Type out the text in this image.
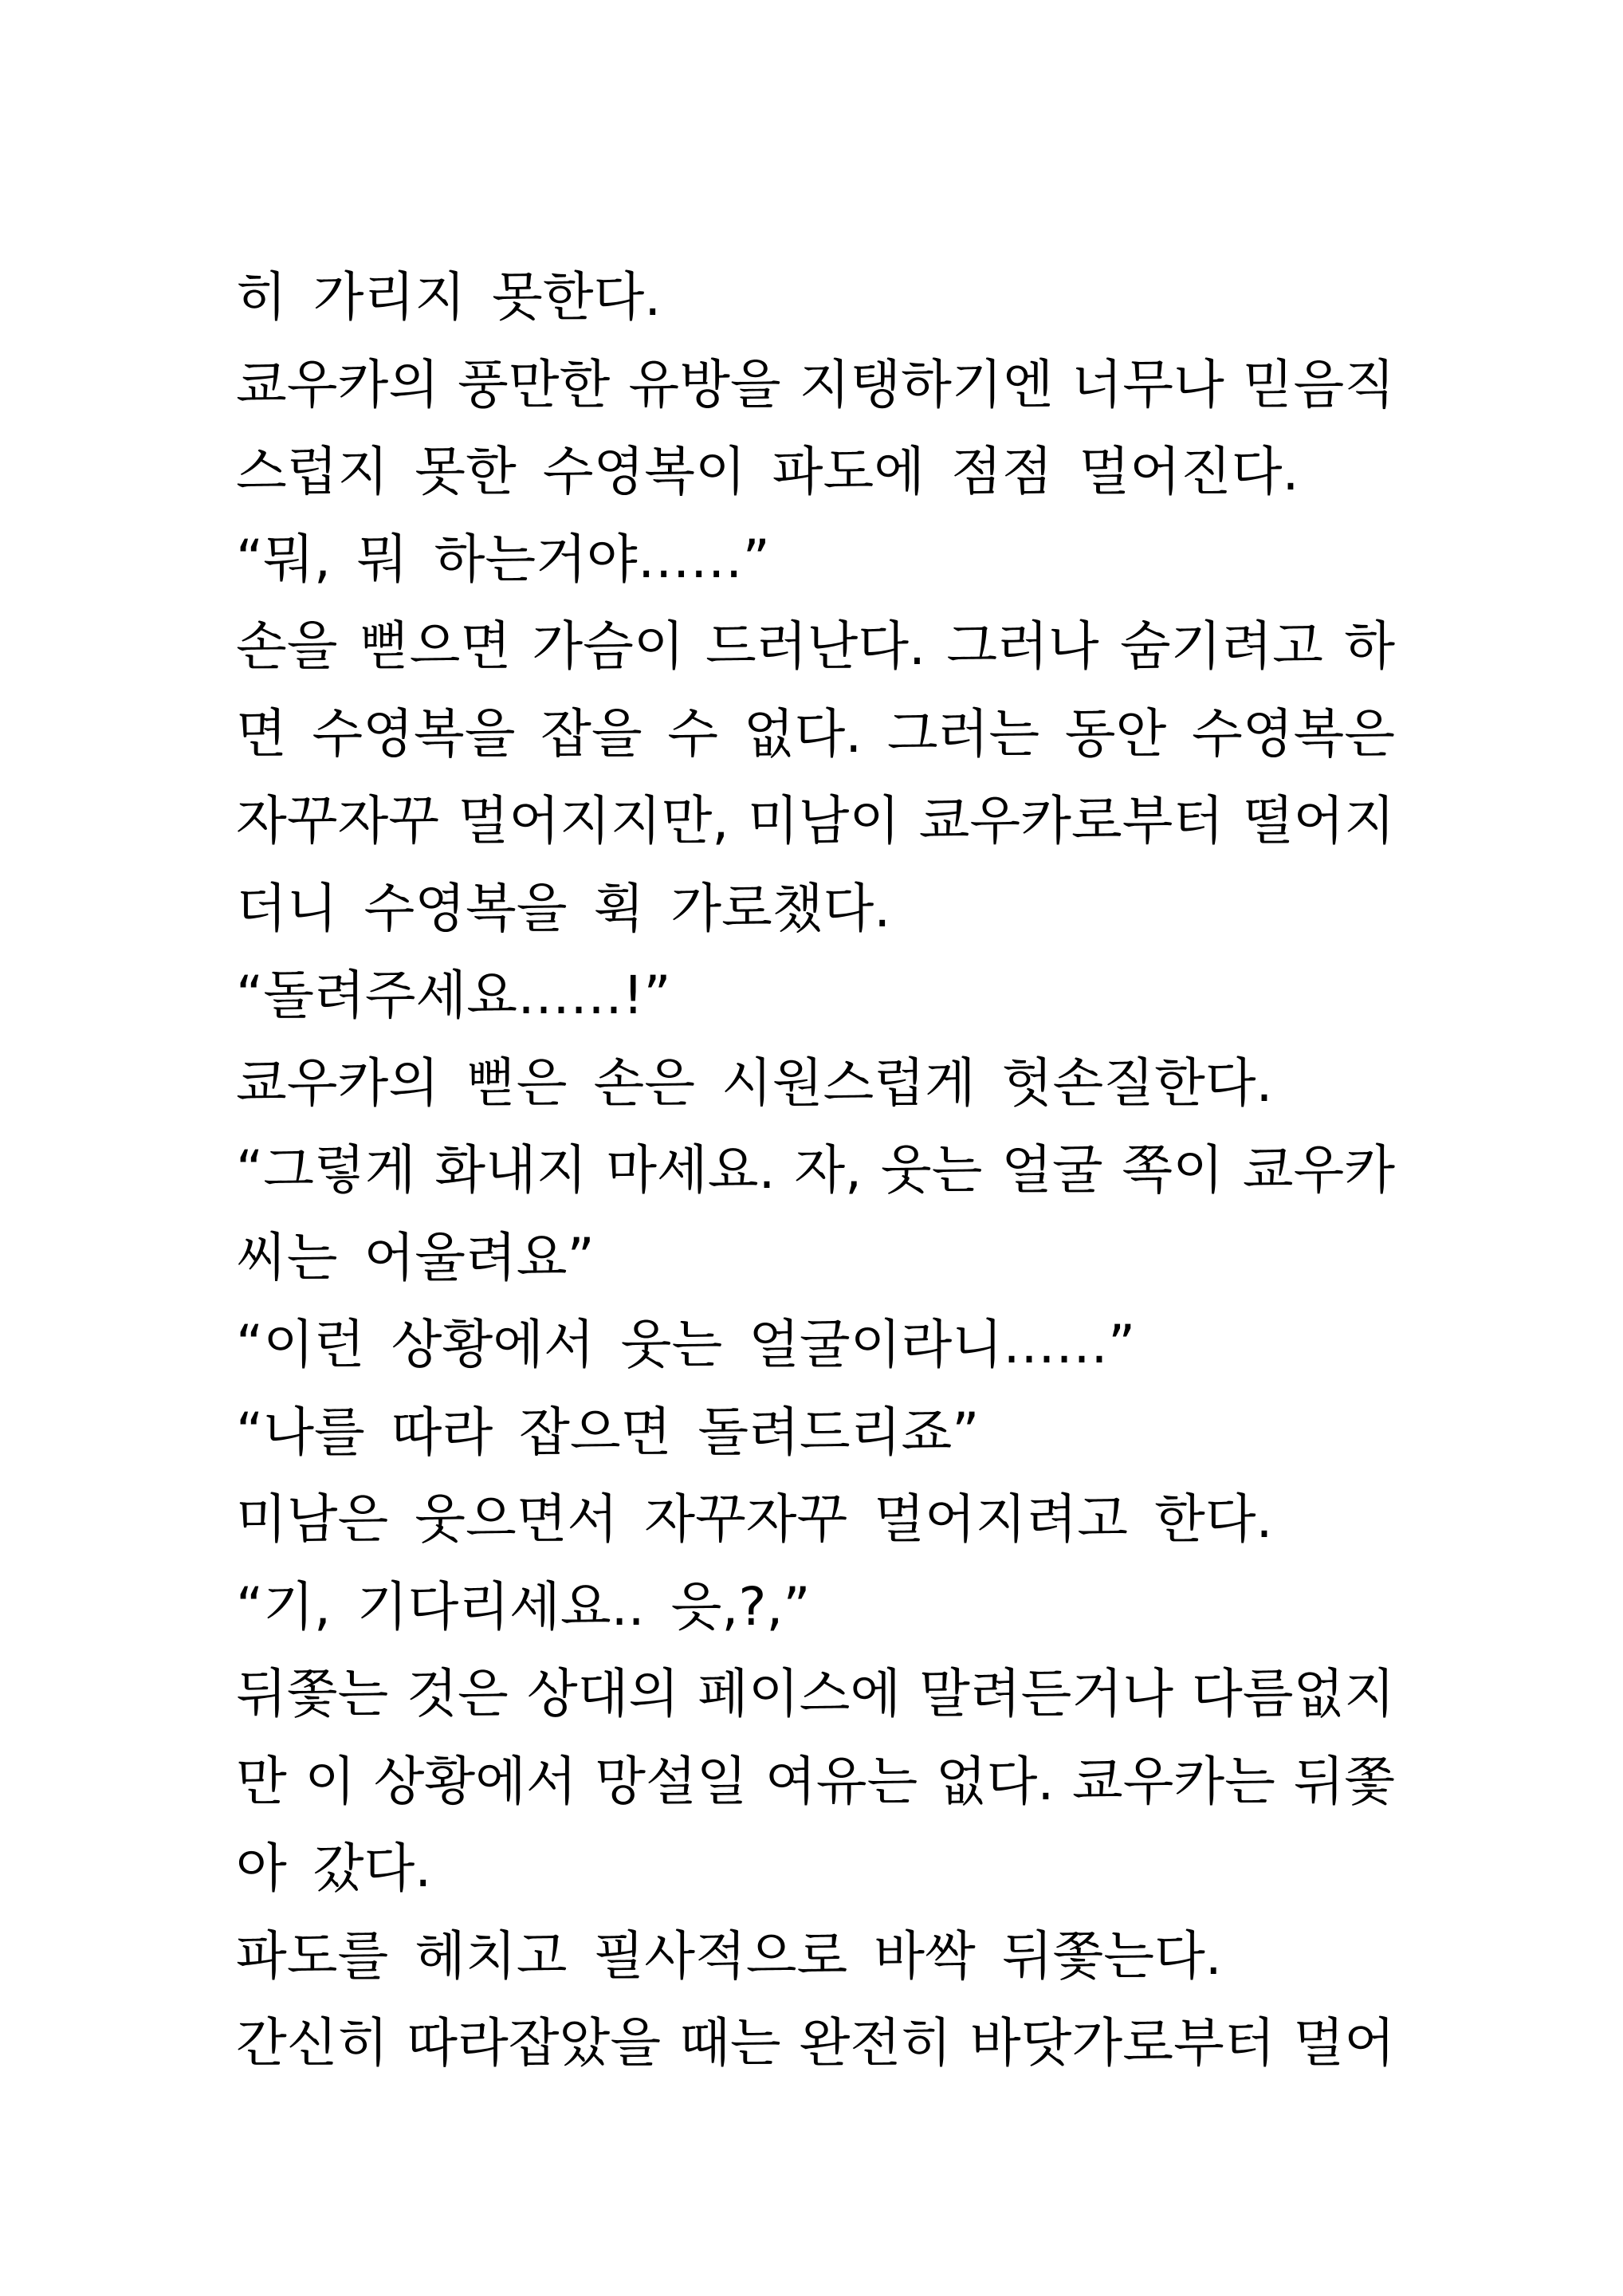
히 가리지 못한다.
쿄우카의 풍만한 유방을 지탱하기엔 너무나 믿음직
스럽지 못한 수영복이 파도에 점점 멀어진다.
“뭐, 뭐 하는거야……”
손을 뻗으면 가슴이 드러난다. 그러나 숨기려고 하
면 수영복을 잡을 수 없다. 그러는 동안 수영복은
자꾸자꾸 멀어지지만, 미남이 쿄우카로부터 떨어지
더니 수영복을 휙 가로챘다.
“돌려주세요……!”
쿄우카의 뻗은 손은 시원스럽게 헛손질한다.
“그렇게 화내지 마세요. 자, 웃는 얼굴 쪽이 쿄우카
씨는 어울려요”
“이런 상황에서 웃는 얼굴이라니……”
“나를 따라 잡으면 돌려드리죠”
미남은 웃으면서 자꾸자꾸 멀어지려고 한다.
“기, 기다리세요.. 읏,?,”
뒤쫓는 것은 상대의 페이스에 말려든거나 다름없지
만 이 상황에서 망설일 여유는 없다. 쿄우카는 뒤쫓
아 갔다.
파도를 헤치고 필사적으로 바싹 뒤쫓는다.
간신히 따라잡았을 때는 완전히 바닷가로부터 멀어
